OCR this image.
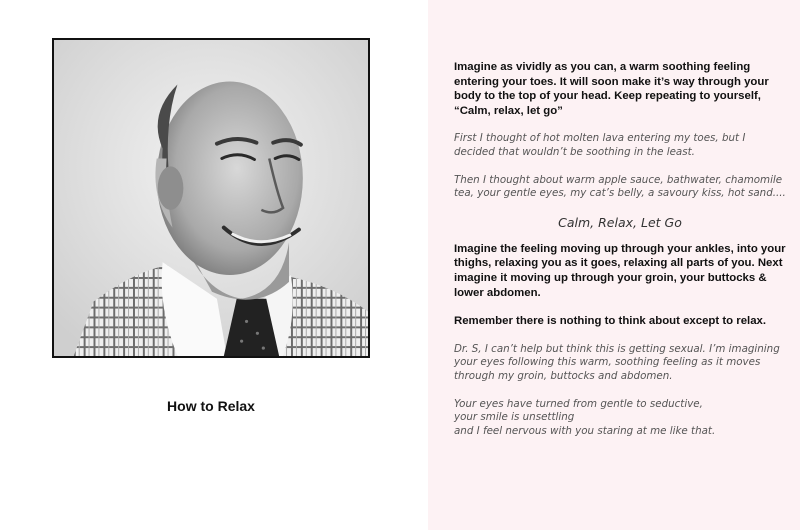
How to Relax

Imagine as vividly as you can, a warm soothing feeling entering your toes. It will soon make it’s way through your body to the top of your head. Keep repeating to yourself, “Calm, relax, let go”

First I thought of hot molten lava entering my toes, but I decided that wouldn’t be soothing in the least.

Then I thought about warm apple sauce, bathwater, chamomile tea, your gentle eyes, my cat’s belly, a savoury kiss, hot sand....

Calm, Relax, Let Go

Imagine the feeling moving up through your ankles, into your thighs, relaxing you as it goes, relaxing all parts of you. Next imagine it moving up through your groin, your buttocks & lower abdomen.

Remember there is nothing to think about except to relax.

Dr. S, I can’t help but think this is getting sexual. I’m imagining your eyes following this warm, soothing feeling as it moves through my groin, buttocks and abdomen.

Your eyes have turned from gentle to seductive,
your smile is unsettling
and I feel nervous with you staring at me like that.
